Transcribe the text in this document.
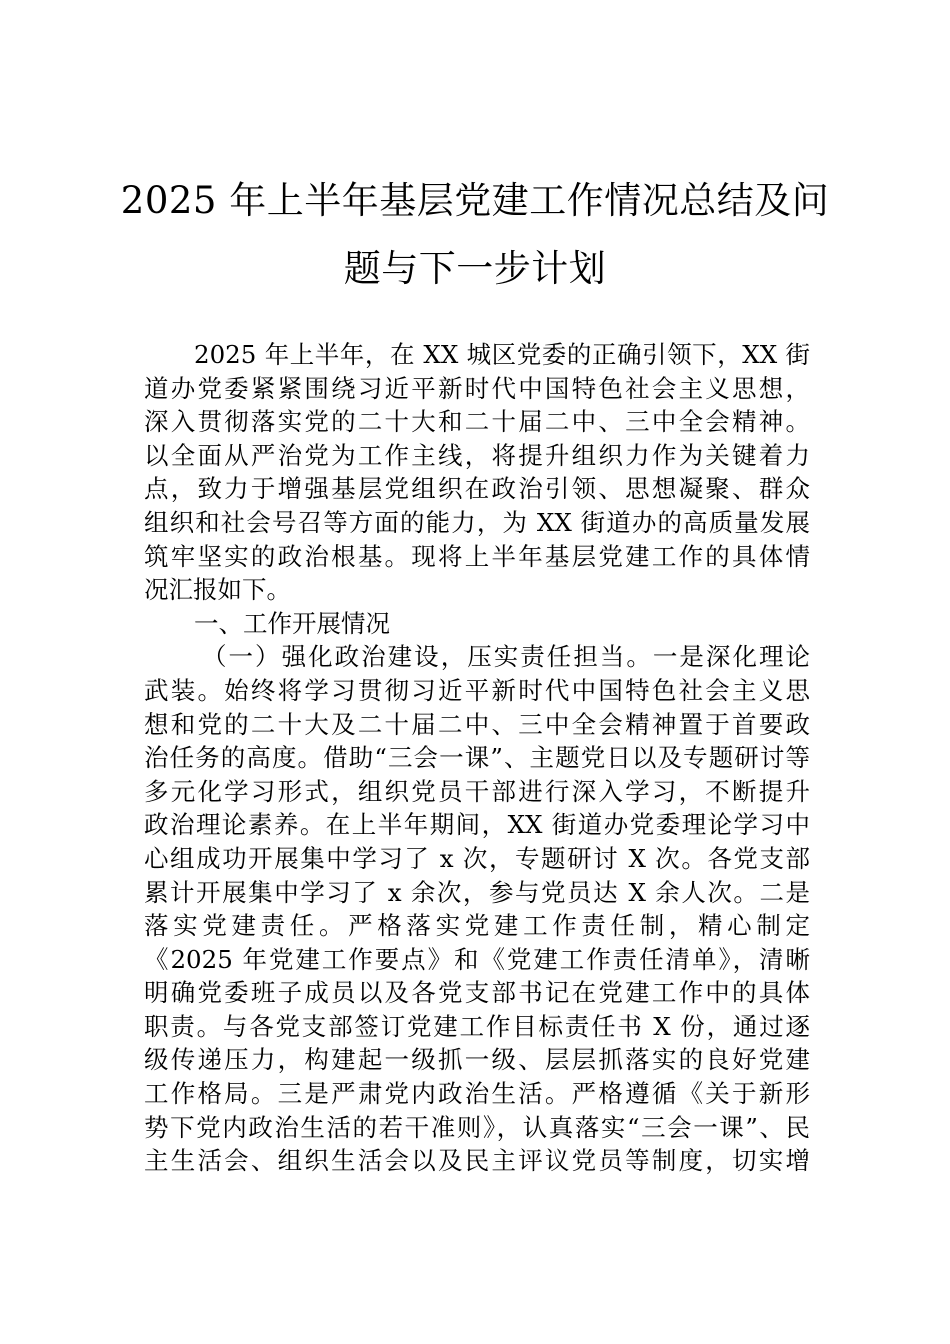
2025 年上半年基层党建工作情况总结及问
题与下一步计划
2025 年上半年，在 XX 城区党委的正确引领下，XX 街
道办党委紧紧围绕习近平新时代中国特色社会主义思想，
深入贯彻落实党的二十大和二十届二中、三中全会精神。
以全面从严治党为工作主线，将提升组织力作为关键着力
点，致力于增强基层党组织在政治引领、思想凝聚、群众
组织和社会号召等方面的能力，为 XX 街道办的高质量发展
筑牢坚实的政治根基。现将上半年基层党建工作的具体情
况汇报如下。
一、工作开展情况
（一）强化政治建设，压实责任担当。一是深化理论
武装。始终将学习贯彻习近平新时代中国特色社会主义思
想和党的二十大及二十届二中、三中全会精神置于首要政
治任务的高度。借助“三会一课”、主题党日以及专题研讨等
多元化学习形式，组织党员干部进行深入学习，不断提升
政治理论素养。在上半年期间，XX 街道办党委理论学习中
心组成功开展集中学习了 x 次，专题研讨 X 次。各党支部
累计开展集中学习了 x 余次，参与党员达 X 余人次。二是
落实党建责任。严格落实党建工作责任制，精心制定
《2025 年党建工作要点》和《党建工作责任清单》，清晰
明确党委班子成员以及各党支部书记在党建工作中的具体
职责。与各党支部签订党建工作目标责任书 X 份，通过逐
级传递压力，构建起一级抓一级、层层抓落实的良好党建
工作格局。三是严肃党内政治生活。严格遵循《关于新形
势下党内政治生活的若干准则》，认真落实“三会一课”、民
主生活会、组织生活会以及民主评议党员等制度，切实增
